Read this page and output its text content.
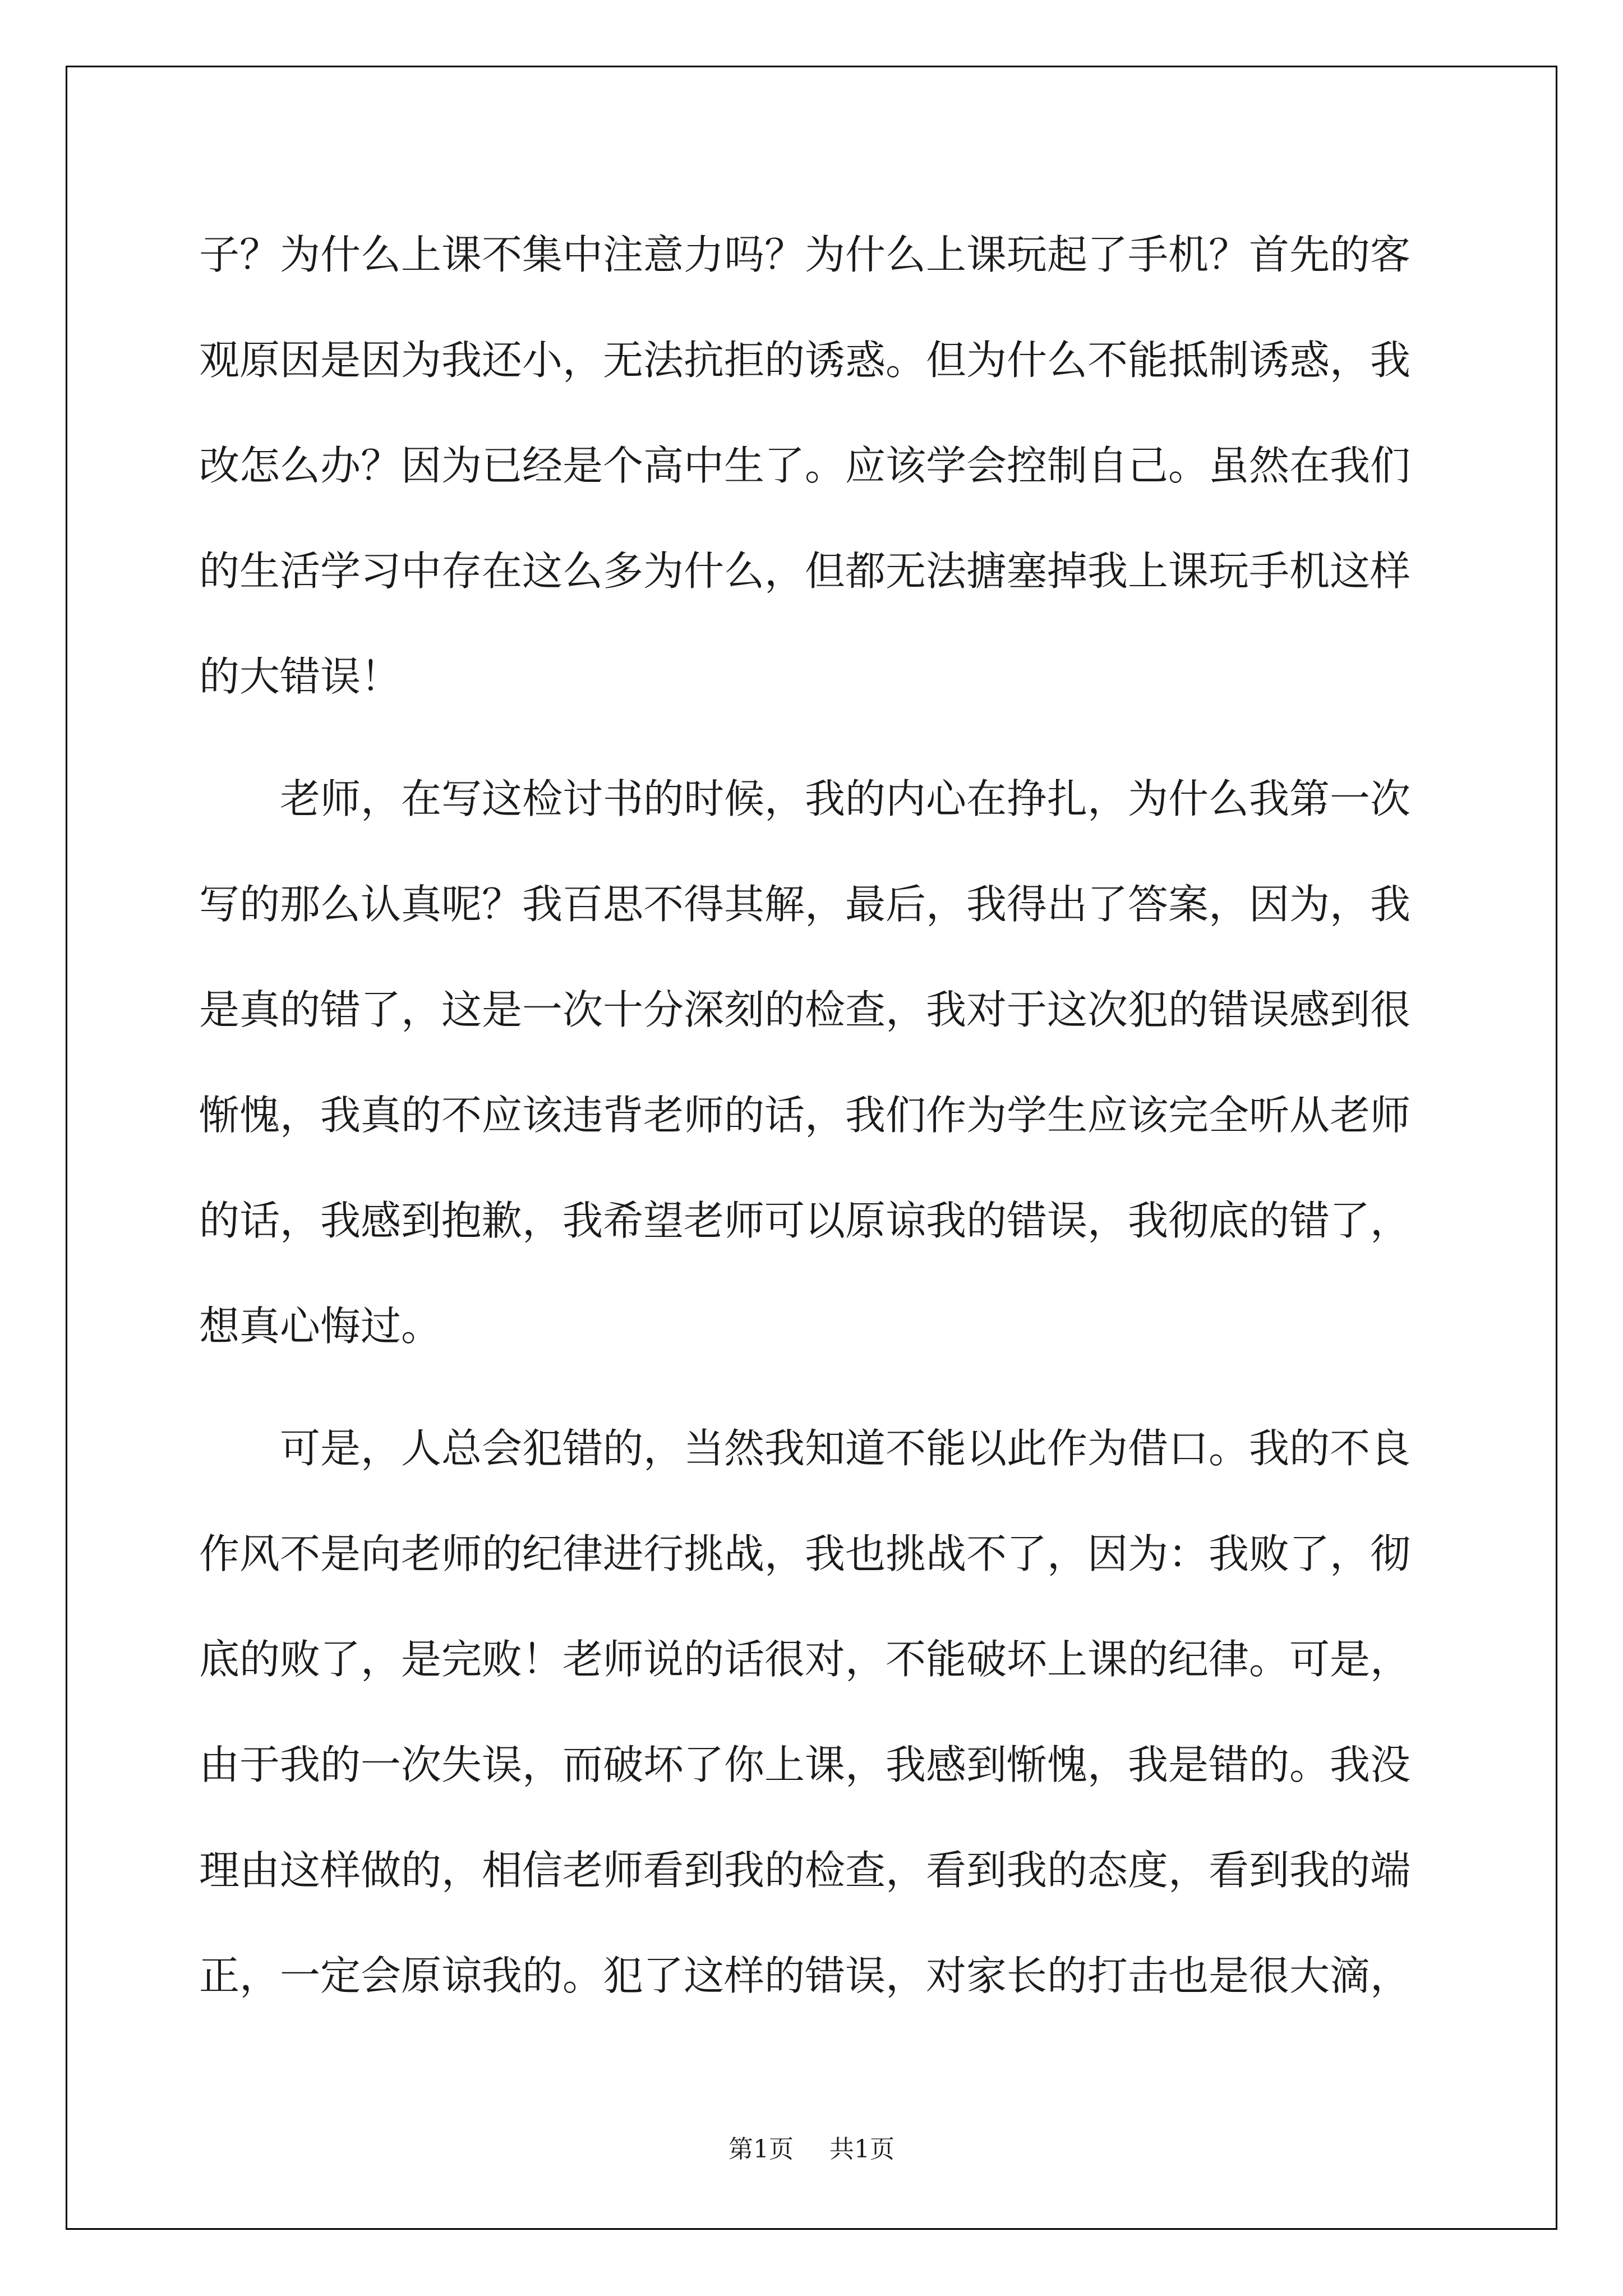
子？为什么上课不集中注意力吗？为什么上课玩起了手机？首先的客
观原因是因为我还小，无法抗拒的诱惑。但为什么不能抵制诱惑，我
改怎么办？因为已经是个高中生了。应该学会控制自己。虽然在我们
的生活学习中存在这么多为什么，但都无法搪塞掉我上课玩手机这样
的大错误！
　　老师，在写这检讨书的时候，我的内心在挣扎，为什么我第一次
写的那么认真呢？我百思不得其解，最后，我得出了答案，因为，我
是真的错了，这是一次十分深刻的检查，我对于这次犯的错误感到很
惭愧，我真的不应该违背老师的话，我们作为学生应该完全听从老师
的话，我感到抱歉，我希望老师可以原谅我的错误，我彻底的错了，
想真心悔过。
　　可是，人总会犯错的，当然我知道不能以此作为借口。我的不良
作风不是向老师的纪律进行挑战，我也挑战不了，因为：我败了，彻
底的败了，是完败！老师说的话很对，不能破坏上课的纪律。可是，
由于我的一次失误，而破坏了你上课，我感到惭愧，我是错的。我没
理由这样做的，相信老师看到我的检查，看到我的态度，看到我的端
正，一定会原谅我的。犯了这样的错误，对家长的打击也是很大滴，
第1页 共1页
